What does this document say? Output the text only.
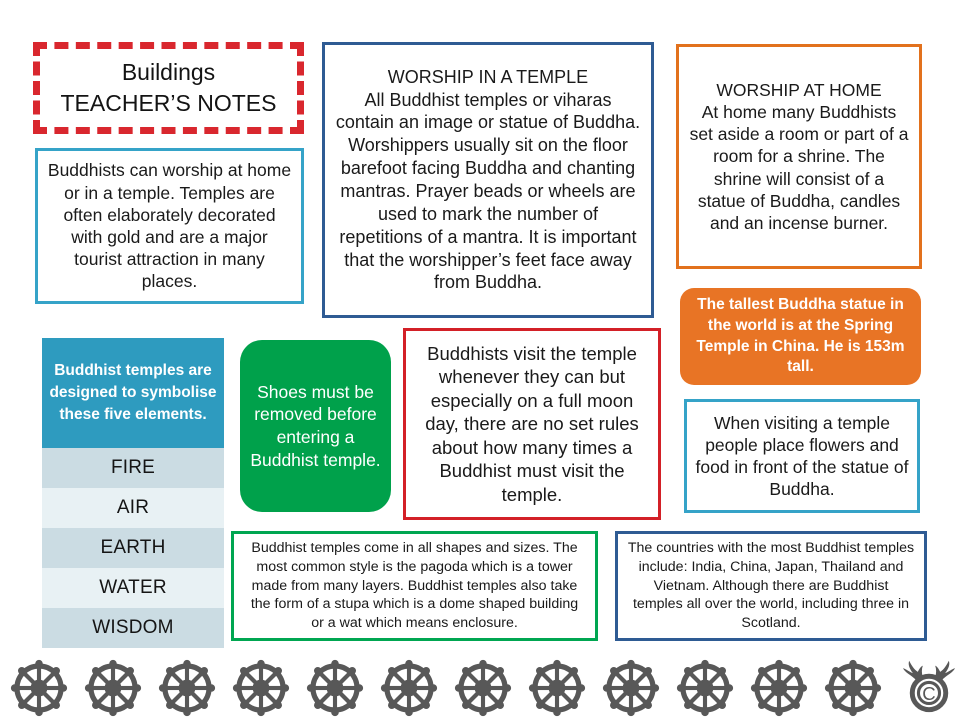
Buildings
TEACHER’S NOTES
Buddhists can worship at home or in a temple. Temples are often elaborately decorated with gold and are a major tourist attraction in many places.
WORSHIP IN A TEMPLE
All Buddhist temples or viharas contain an image or statue of Buddha. Worshippers usually sit on the floor barefoot facing Buddha and chanting mantras. Prayer beads or wheels are used to mark the number of repetitions of a mantra. It is important that the worshipper’s feet face away from Buddha.
WORSHIP AT HOME
At home many Buddhists set aside a room or part of a room for a shrine. The shrine will consist of a statue of Buddha, candles and an incense burner.
The tallest Buddha statue in the world is at the Spring Temple in China. He is 153m tall.
Shoes must be removed before entering a Buddhist temple.
Buddhists visit the temple whenever they can but especially on a full moon day, there are no set rules about how many times a Buddhist must visit the temple.
When visiting a temple people place flowers and food in front of the statue of Buddha.
Buddhist temples come in all shapes and sizes. The most common style is the pagoda which is a tower made from many layers. Buddhist temples also take the form of a stupa which is a dome shaped building or a wat which means enclosure.
The countries with the most Buddhist temples include: India, China, Japan, Thailand and Vietnam. Although there are Buddhist temples all over the world, including three in Scotland.
Buddhist temples are designed to symbolise these five elements.
FIRE
AIR
EARTH
WATER
WISDOM
C
